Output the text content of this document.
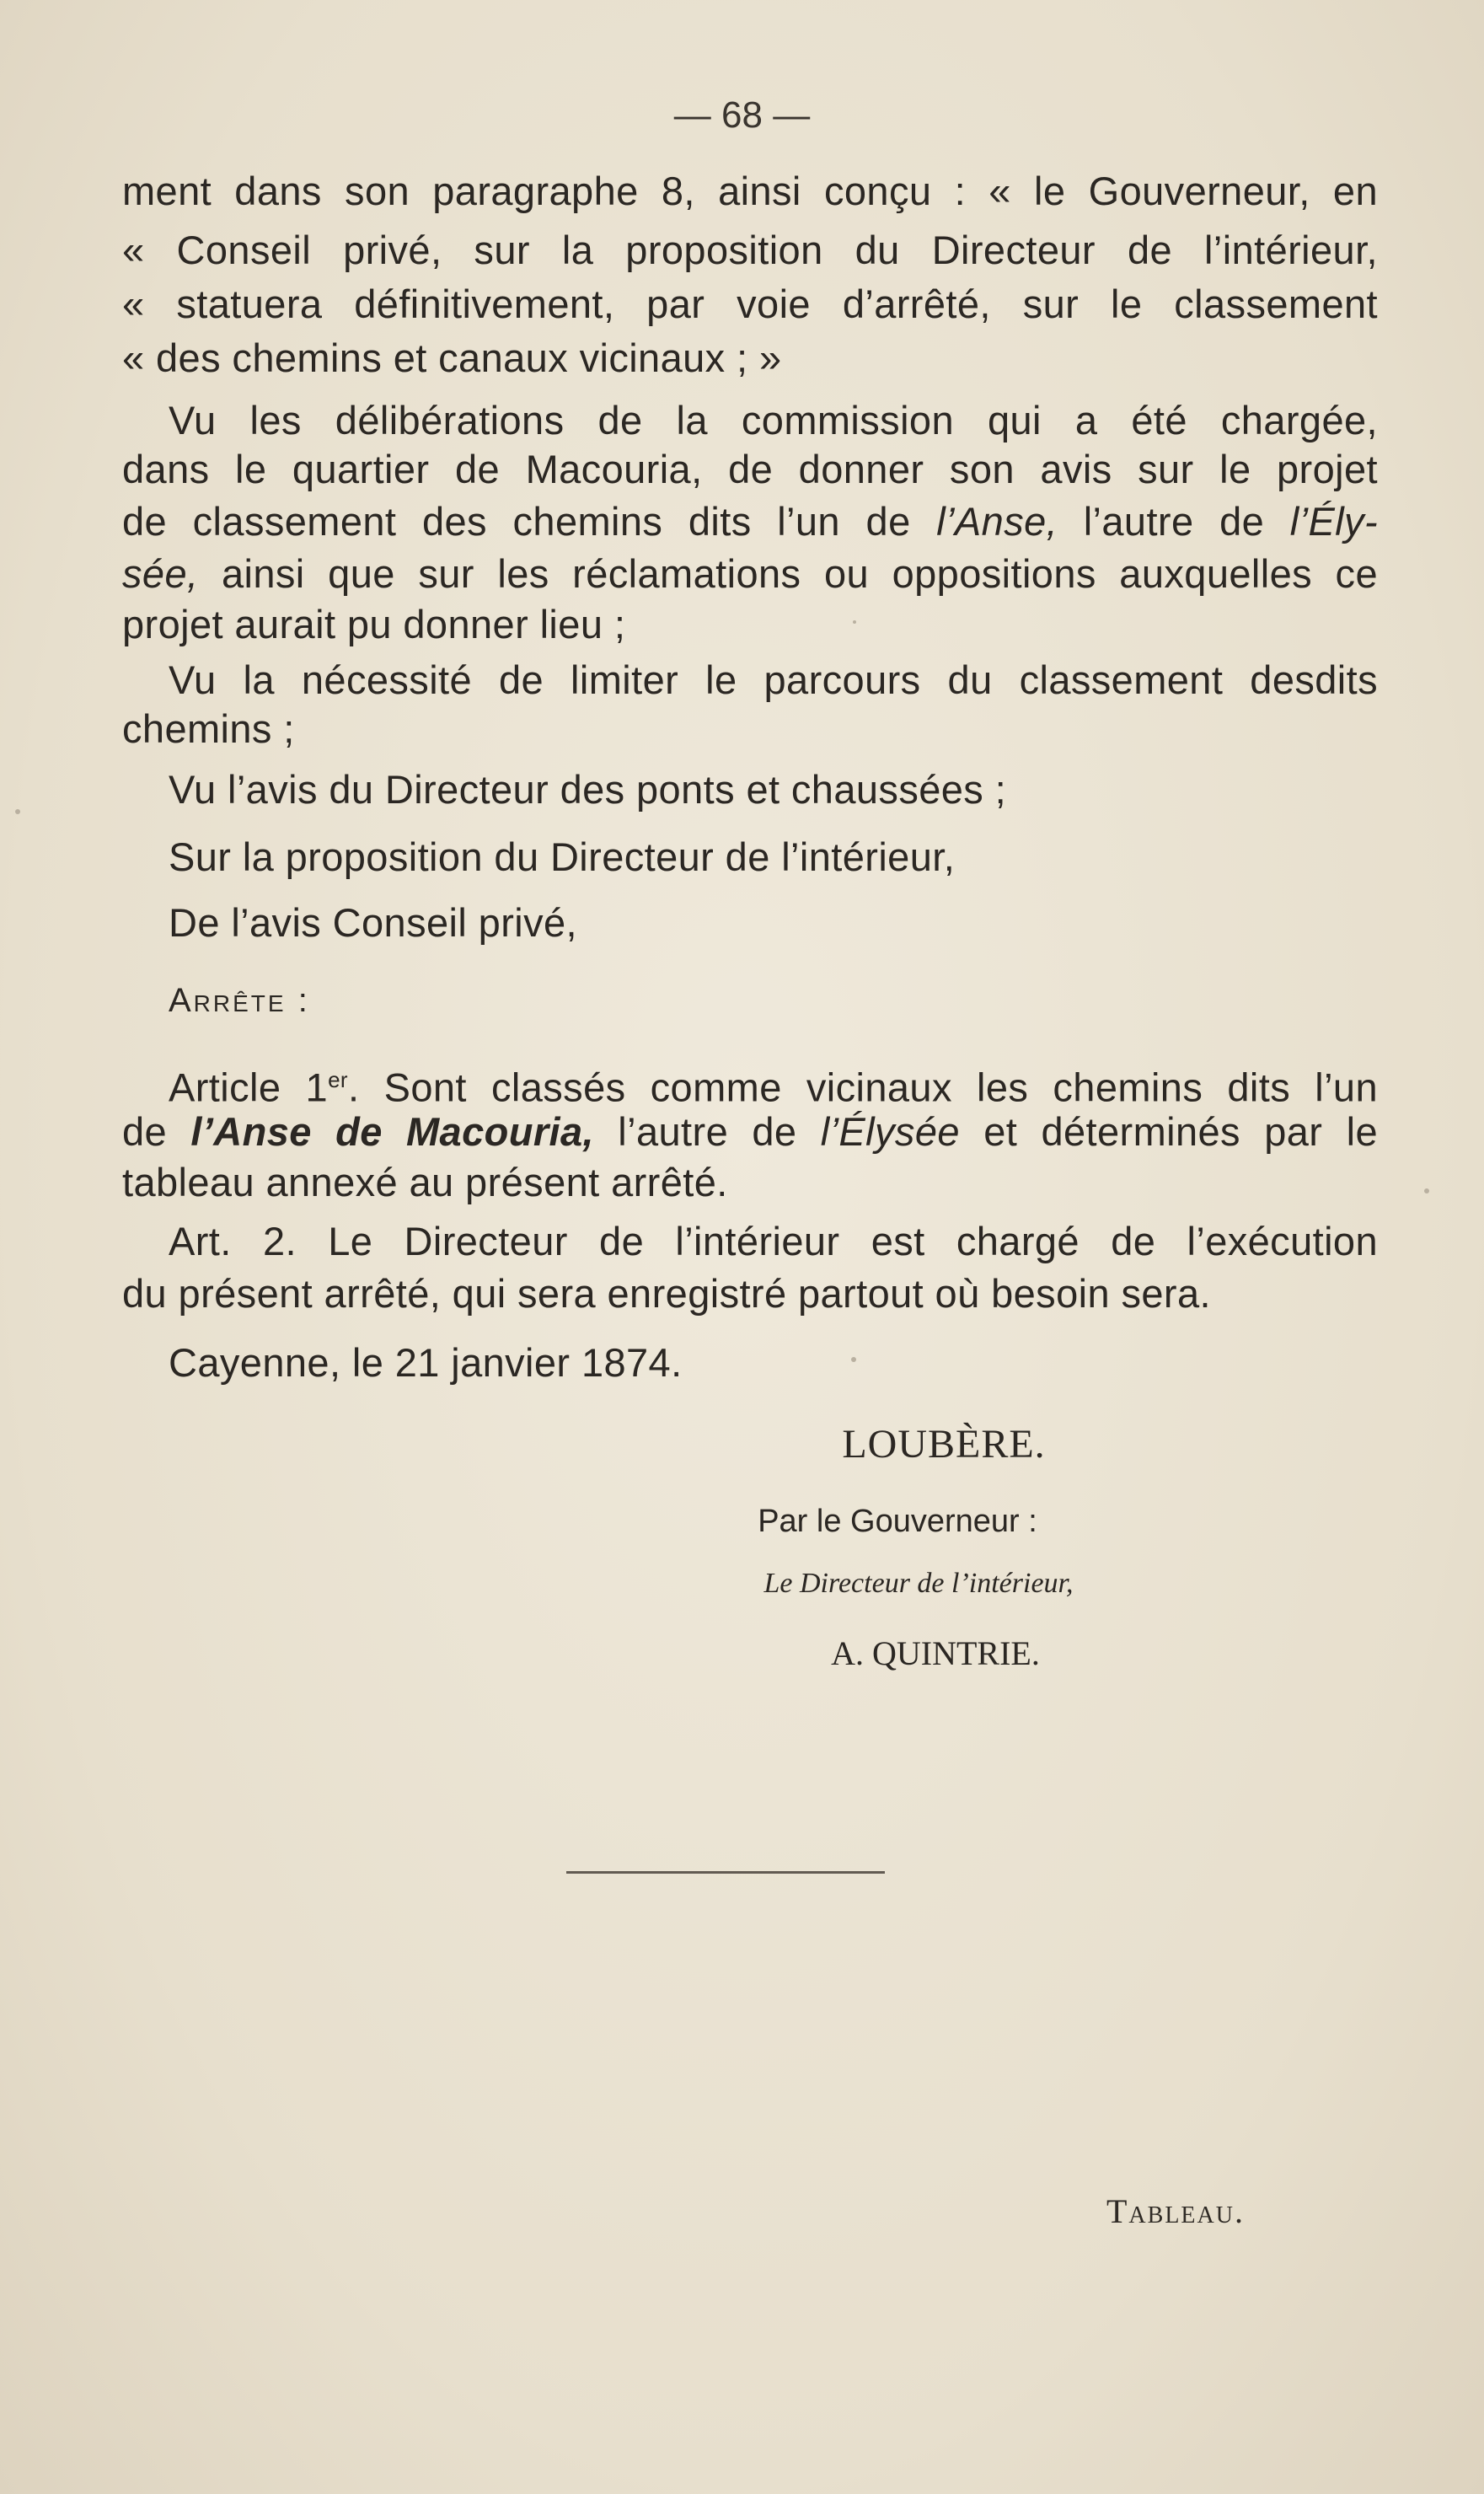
— 68 —
ment dans son paragraphe 8, ainsi conçu : « le Gouverneur, en
« Conseil privé, sur la proposition du Directeur de l’intérieur,
« statuera définitivement, par voie d’arrêté, sur le classement
« des chemins et canaux vicinaux ; »
Vu les délibérations de la commission qui a été chargée,
dans le quartier de Macouria, de donner son avis sur le projet
de classement des chemins dits l’un de l’Anse, l’autre de l’Ély-
sée, ainsi que sur les réclamations ou oppositions auxquelles ce
projet aurait pu donner lieu ;
Vu la nécessité de limiter le parcours du classement desdits
chemins ;
Vu l’avis du Directeur des ponts et chaussées ;
Sur la proposition du Directeur de l’intérieur,
De l’avis Conseil privé,
Arrête :
Article 1er. Sont classés comme vicinaux les chemins dits l’un
de l’Anse de Macouria, l’autre de l’Élysée et déterminés par le
tableau annexé au présent arrêté.
Art. 2. Le Directeur de l’intérieur est chargé de l’exécution
du présent arrêté, qui sera enregistré partout où besoin sera.
Cayenne, le 21 janvier 1874.
LOUBÈRE.
Par le Gouverneur :
Le Directeur de l’intérieur,
A. QUINTRIE.
Tableau.
